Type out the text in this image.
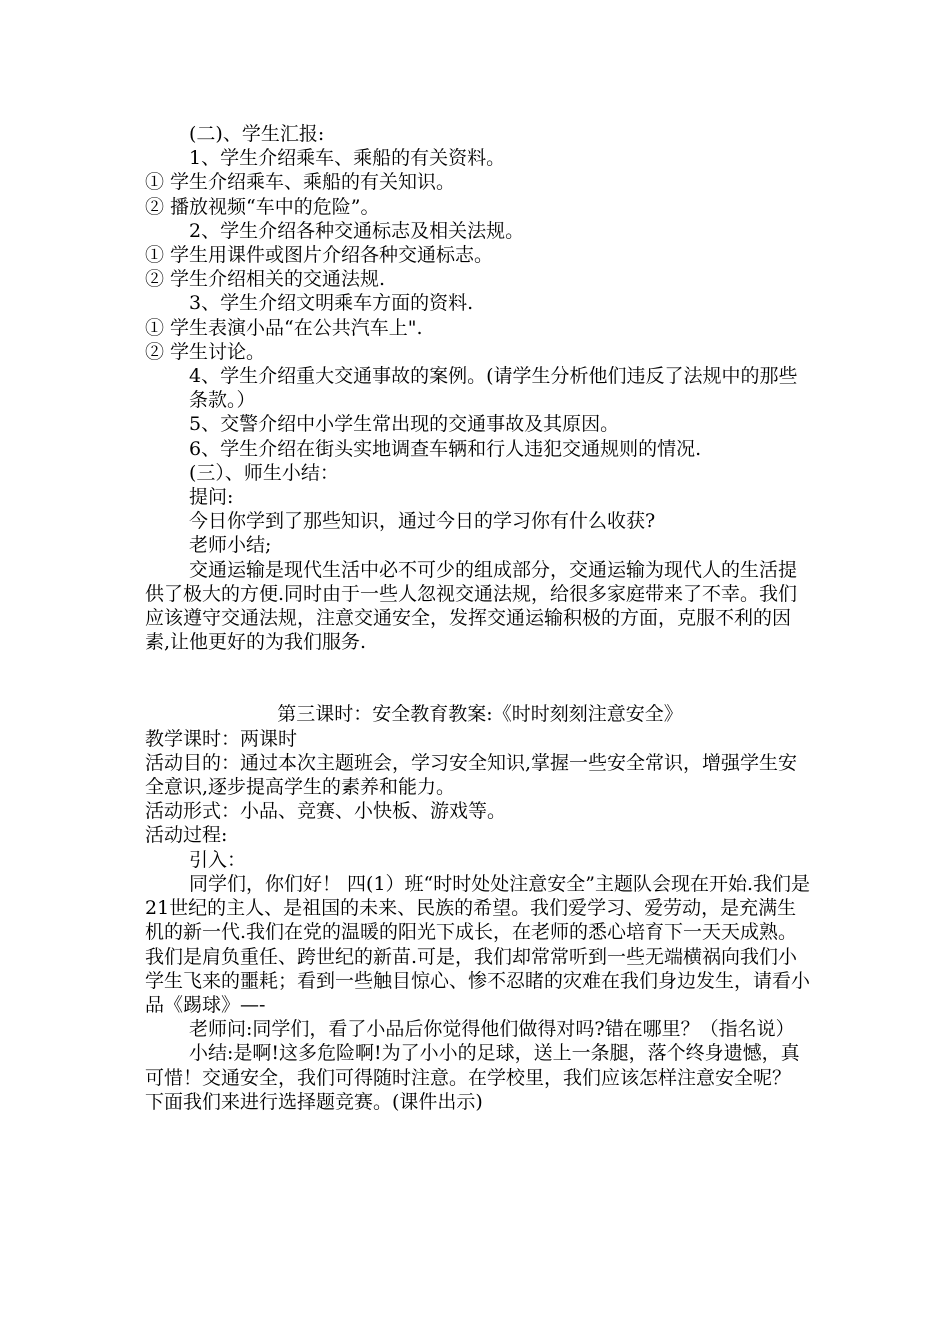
(二)、学生汇报:
1、学生介绍乘车、乘船的有关资料。
① 学生介绍乘车、乘船的有关知识。
② 播放视频“车中的危险”。
2、学生介绍各种交通标志及相关法规。
① 学生用课件或图片介绍各种交通标志。
② 学生介绍相关的交通法规.
3、学生介绍文明乘车方面的资料.
① 学生表演小品“在公共汽车上".
② 学生讨论。
4、学生介绍重大交通事故的案例。(请学生分析他们违反了法规中的那些条款。）
5、交警介绍中小学生常出现的交通事故及其原因。
6、学生介绍在街头实地调查车辆和行人违犯交通规则的情况.
(三）、师生小结：
提问:
今日你学到了那些知识，通过今日的学习你有什么收获?
老师小结;
交通运输是现代生活中必不可少的组成部分，交通运输为现代人的生活提供了极大的方便.同时由于一些人忽视交通法规，给很多家庭带来了不幸。我们应该遵守交通法规，注意交通安全，发挥交通运输积极的方面，克服不利的因素,让他更好的为我们服务.
第三课时：安全教育教案:《时时刻刻注意安全》
教学课时：两课时
活动目的：通过本次主题班会，学习安全知识,掌握一些安全常识，增强学生安全意识,逐步提高学生的素养和能力。
活动形式：小品、竞赛、小快板、游戏等。
活动过程:
引入：
同学们，你们好！ 四(1）班“时时处处注意安全”主题队会现在开始.我们是21世纪的主人、是祖国的未来、民族的希望。我们爱学习、爱劳动，是充满生机的新一代.我们在党的温暖的阳光下成长，在老师的悉心培育下一天天成熟。我们是肩负重任、跨世纪的新苗.可是，我们却常常听到一些无端横祸向我们小学生飞来的噩耗；看到一些触目惊心、惨不忍睹的灾难在我们身边发生，请看小品《踢球》—-
老师问:同学们，看了小品后你觉得他们做得对吗?错在哪里？（指名说）
小结:是啊!这多危险啊!为了小小的足球，送上一条腿，落个终身遗憾，真可惜！交通安全，我们可得随时注意。在学校里，我们应该怎样注意安全呢？
下面我们来进行选择题竞赛。(课件出示)
